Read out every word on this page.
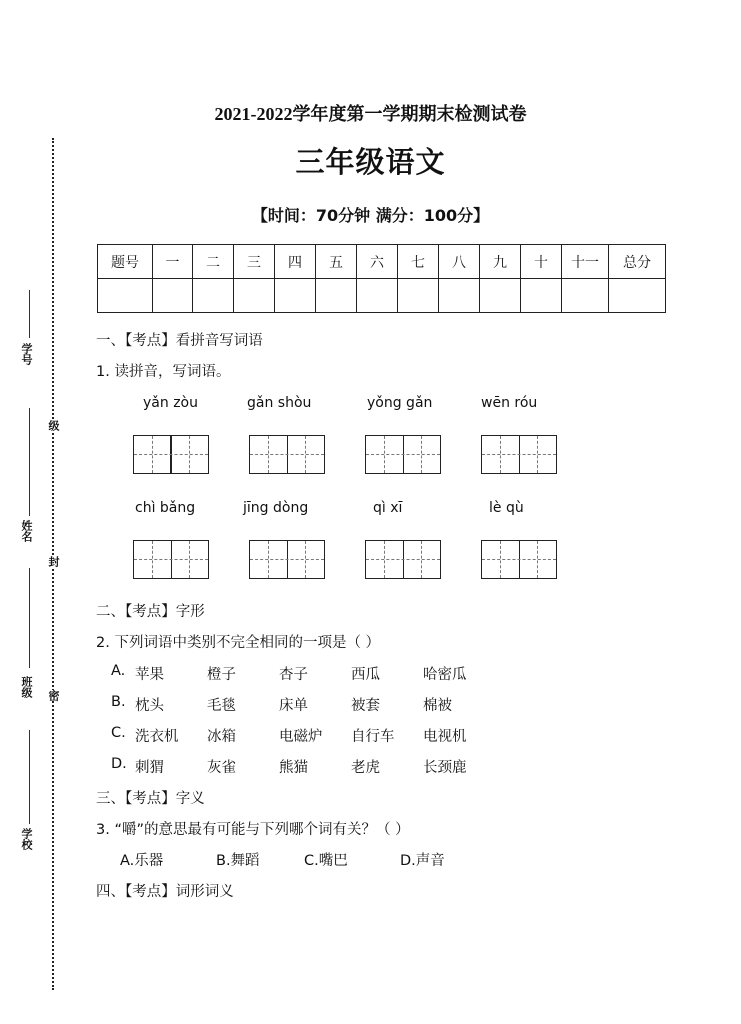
学号
级
姓名
封
班级 密
学校
2021-2022学年度第一学期期末检测试卷
三年级语文
【时间：70分钟 满分：100分】
题号	一	二	三	四	五	六	七	八	九	十	十一	总分

一、【考点】看拼音写词语
1. 读拼音，写词语。
yǎn zòu	gǎn shòu	yǒng gǎn	wēn róu
chì bǎng	jīng dòng	qì xī	lè qù
二、【考点】字形
2. 下列词语中类别不完全相同的一项是（ ）
A. 苹果	橙子	杏子	西瓜	哈密瓜
B. 枕头	毛毯	床单	被套	棉被
C. 洗衣机 冰箱	电磁炉 自行车 电视机
D. 刺猬	灰雀	熊猫	老虎	长颈鹿
三、【考点】字义
3. “嚼”的意思最有可能与下列哪个词有关？（ ）
A.乐器	B.舞蹈	C.嘴巴	D.声音
四、【考点】词形词义
